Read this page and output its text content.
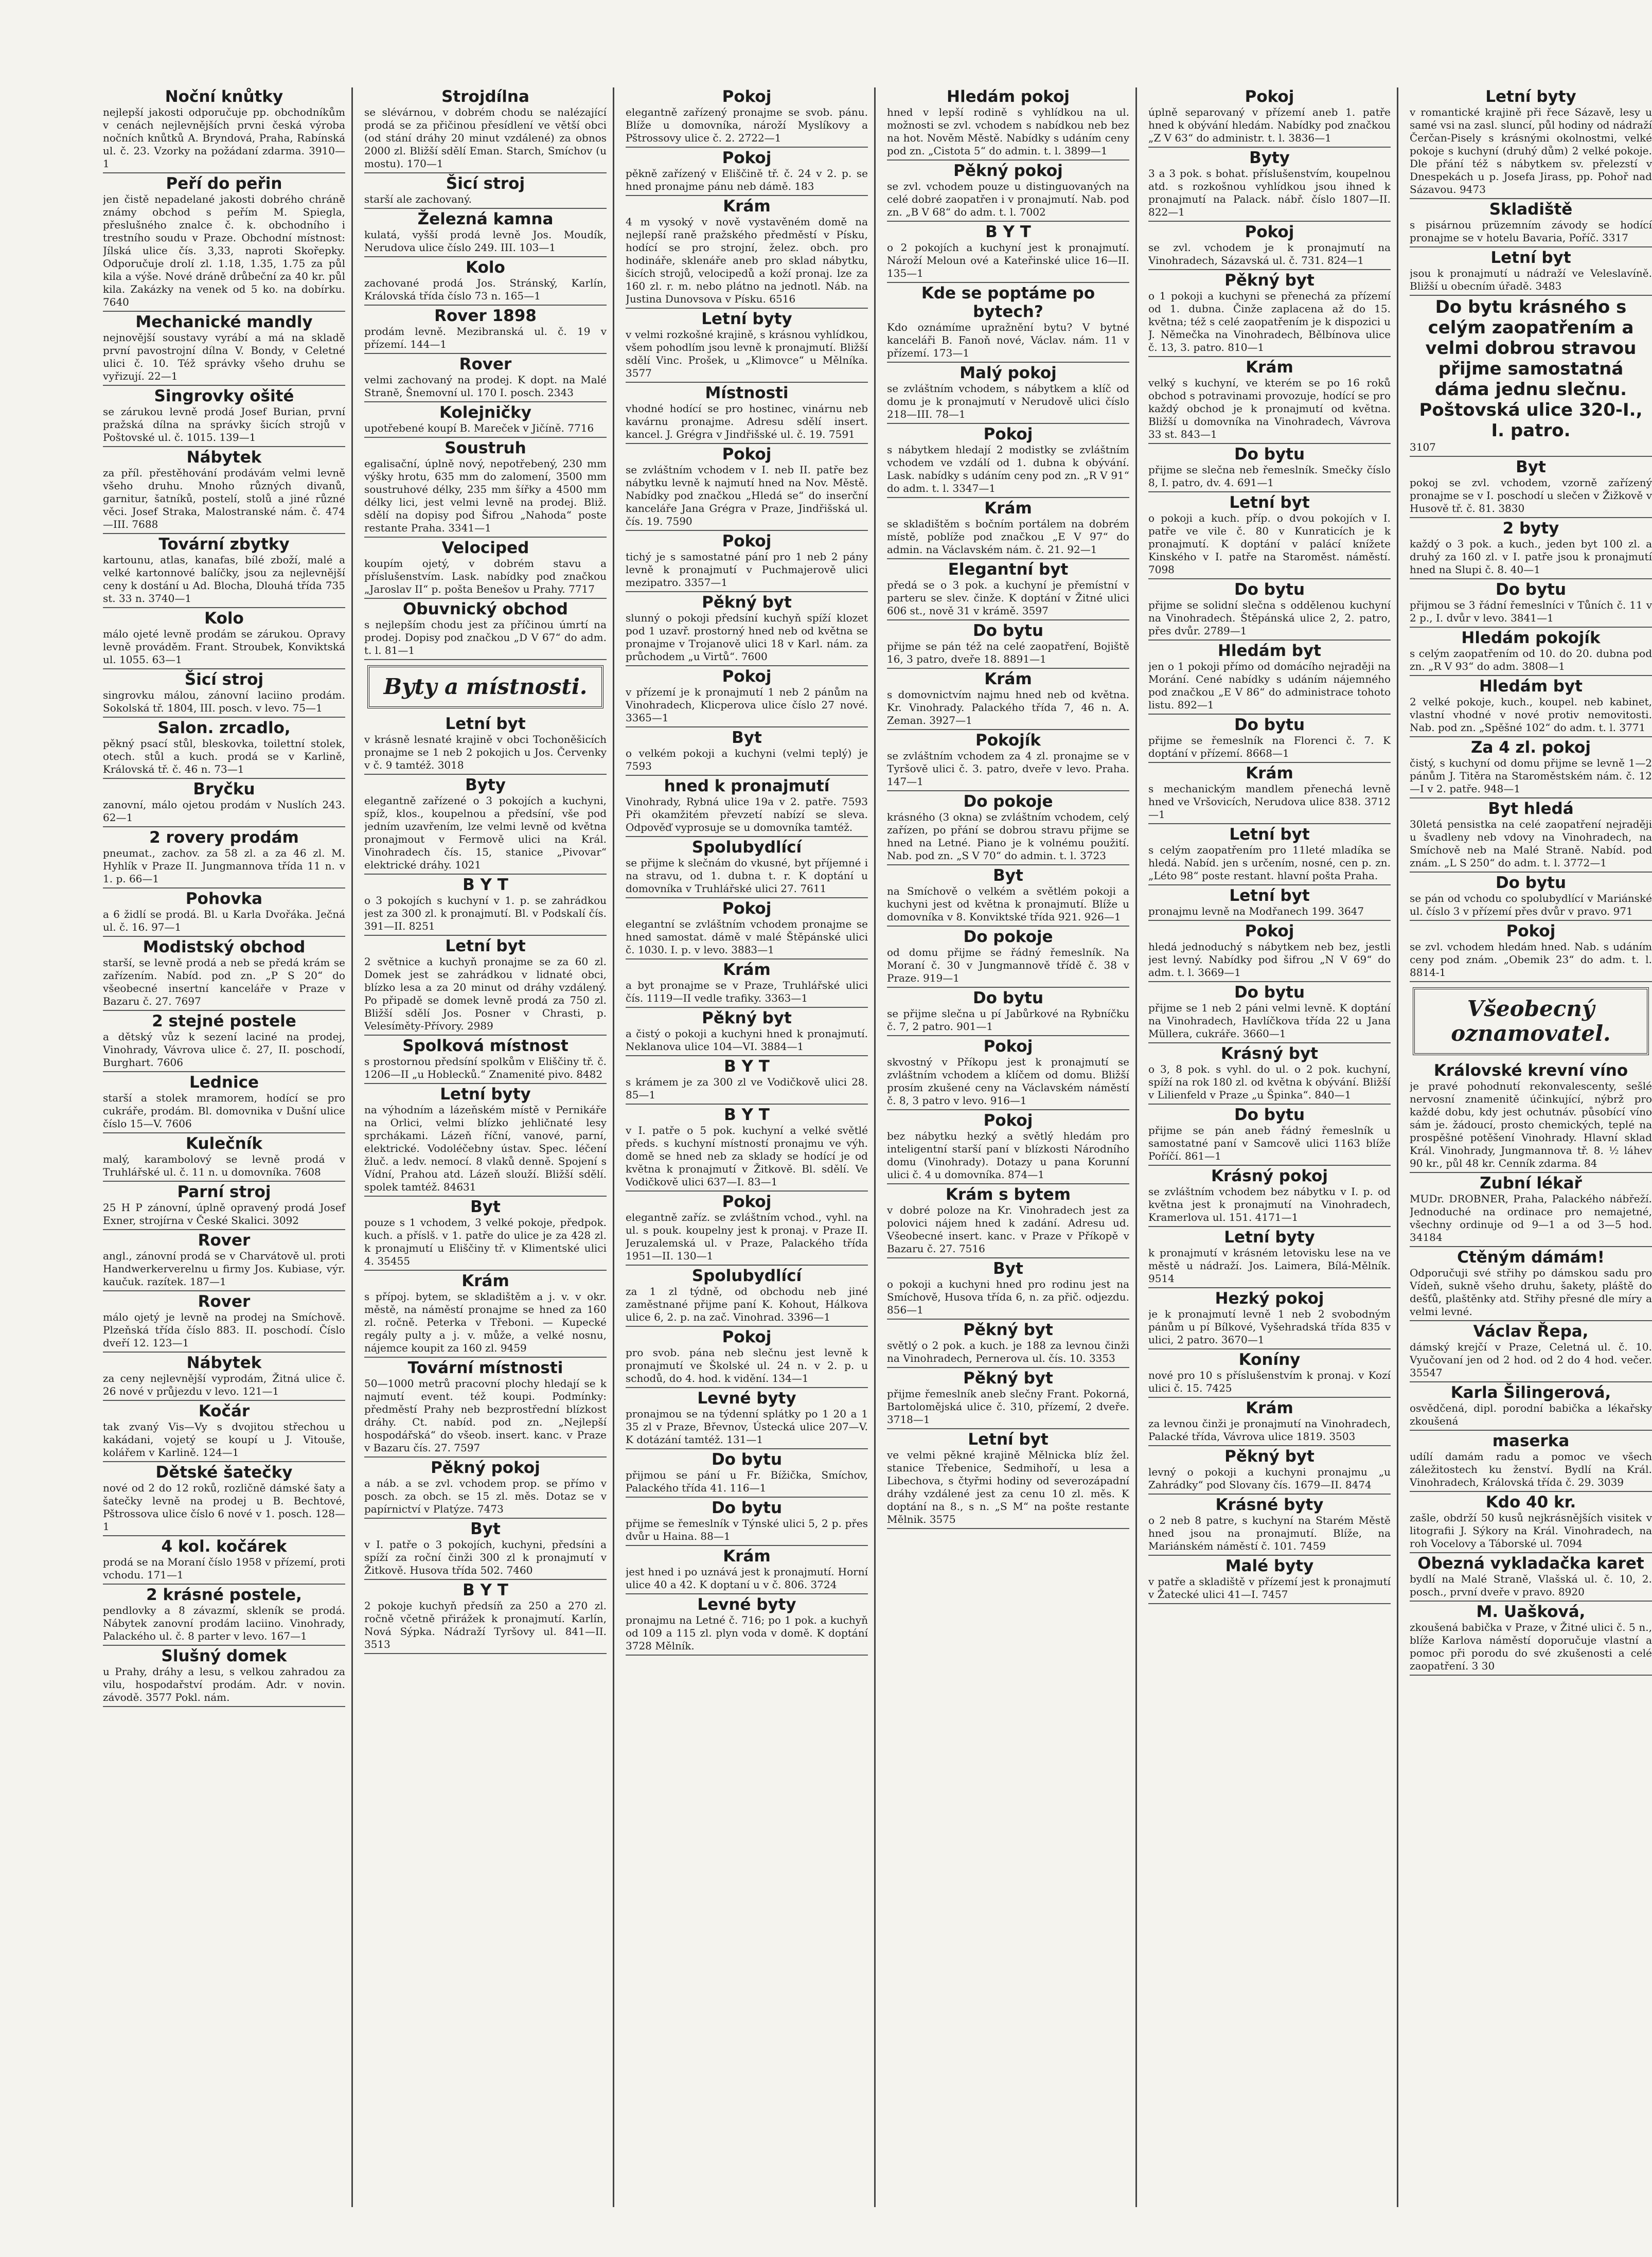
Noční knůtky

nejlepší jakosti odporučuje pp. obchodníkům v cenách nejlevnějších prvni česká výroba nočních knůtků A. Bryndová, Praha, Rabínská ul. č. 23. Vzorky na požádaní zdarma. 3910—1

Peří do peřin

jen čistě nepadelané jakosti dobrého chráně známy obchod s peřím M. Spiegla, přeslušného znalce č. k. obchodního i trestního soudu v Praze. Obchodní místnost: Jílská ulice čís. 3,33, naproti Skořepky. Odporučuje drolí zl. 1.18, 1.35, 1.75 za půl kila a výše. Nové dráně drůbeční za 40 kr. půl kila. Zakázky na venek od 5 ko. na dobírku. 7640

Mechanické mandly

nejnovější soustavy vyrábí a má na skladě první pavostrojní dílna V. Bondy, v Celetné ulici č. 10. Též správky všeho druhu se vyřizují. 22—1

Singrovky ošité

se zárukou levně prodá Josef Burian, první pražská dílna na správky šicích strojů v Poštovské ul. č. 1015. 139—1

Nábytek

za příl. přestěhování prodávám velmi levně všeho druhu. Mnoho různých divanů, garnitur, šatníků, postelí, stolů a jiné různé věci. Josef Straka, Malostranské nám. č. 474—III. 7688

Tovární zbytky

kartounu, atlas, kanafas, bílé zboží, malé a velké kartonnové balíčky, jsou za nejlevnější ceny k dostání u Ad. Blocha, Dlouhá třída 735 st. 33 n. 3740—1

Kolo

málo ojeté levně prodám se zárukou. Opravy levně prováděm. Frant. Stroubek, Konviktská ul. 1055. 63—1

Šicí stroj

singrovku málou, zánovní laciino prodám. Sokolská tř. 1804, III. posch. v levo. 75—1

Salon. zrcadlo,

pěkný psací stůl, bleskovka, toilettní stolek, otech. stůl a kuch. prodá se v Karlině, Královská tř. č. 46 n. 73—1

Bryčku

zanovní, málo ojetou prodám v Nuslích 243. 62—1

2 rovery prodám

pneumat., zachov. za 58 zl. a za 46 zl. M. Hyhlík v Praze II. Jungmannova třída 11 n. v 1. p. 66—1

Pohovka

a 6 židlí se prodá. Bl. u Karla Dvořáka. Ječná ul. č. 16. 97—1

Modistský obchod

starší, se levně prodá a neb se předá krám se zařízením. Nabíd. pod zn. „P S 20“ do všeobecné insertní kanceláře v Praze v Bazaru č. 27. 7697

2 stejné postele

a dětský vůz k sezení laciné na prodej, Vinohrady, Vávrova ulice č. 27, II. poschodí, Burghart. 7606

Lednice

starší a stolek mramorem, hodící se pro cukráře, prodám. Bl. domovnika v Dušní ulice číslo 15—V. 7606

Kulečník

malý, karambolový se levně prodá v Truhlářské ul. č. 11 n. u domovníka. 7608

Parní stroj

25 H P zánovní, úplně opravený prodá Josef Exner, strojírna v České Skalici. 3092

Rover

angl., zánovní prodá se v Charvátově ul. proti Handwerkerverelnu u firmy Jos. Kubiase, výr. kaučuk. razítek. 187—1

Rover

málo ojetý je levně na prodej na Smíchově. Plzeňská třída číslo 883. II. poschodí. Číslo dveří 12. 123—1

Nábytek

za ceny nejlevnější vyprodám, Žitná ulice č. 26 nové v průjezdu v levo. 121—1

Kočár

tak zvaný Vis—Vy s dvojitou střechou u kakádani, vojetý se koupí u J. Vitouše, kolářem v Karlině. 124—1

Dětské šatečky

nové od 2 do 12 roků, rozličně dámské šaty a šatečky levně na prodej u B. Bechtové, Pštrossova ulice číslo 6 nové v 1. posch. 128—1

4 kol. kočárek

prodá se na Moraní číslo 1958 v přízemí, proti vchodu. 171—1

2 krásné postele,

pendlovky a 8 závazmí, skleník se prodá. Nábytek zanovní prodám laciino. Vinohrady, Palackého ul. č. 8 parter v levo. 167—1

Slušný domek

u Prahy, dráhy a lesu, s velkou zahradou za vilu, hospodařství prodám. Adr. v novin. závodě. 3577 Pokl. nám.

Strojdílna

se slévárnou, v dobrém chodu se nalézající prodá se za přičinou přesídlení ve větší obci (od stání dráhy 20 minut vzdálené) za obnos 2000 zl. Bližší sdělí Eman. Starch, Smíchov (u mostu). 170—1

Šicí stroj

starší ale zachovaný.

Železná kamna

kulatá, vyšší prodá levně Jos. Moudík, Nerudova ulice číslo 249. III. 103—1

Kolo

zachované prodá Jos. Stránský, Karlín, Královská třída číslo 73 n. 165—1

Rover 1898

prodám levně. Mezibranská ul. č. 19 v přízemí. 144—1

Rover

velmi zachovaný na prodej. K dopt. na Malé Straně, Šnemovní ul. 170 I. posch. 2343

Kolejničky

upotřebené koupí B. Mareček v Jičíně. 7716

Soustruh

egalisační, úplně nový, nepotřebený, 230 mm výšky hrotu, 635 mm do zalomení, 3500 mm soustruhové délky, 235 mm šířky a 4500 mm délky lici, jest velmi levně na prodej. Bliž. sdělí na dopisy pod Šifrou „Nahoda“ poste restante Praha. 3341—1

Velociped

koupím ojetý, v dobrém stavu a příslušenstvím. Lask. nabídky pod značkou „Jaroslav II“ p. pošta Benešov u Prahy. 7717

Obuvnický obchod

s nejlepším chodu jest za příčinou úmrtí na prodej. Dopisy pod značkou „D V 67“ do adm. t. l. 81—1

Byty a místnosti.
Letní byt

v krásně lesnaté krajině v obci Tochoněšicích pronajme se 1 neb 2 pokojich u Jos. Červenky v č. 9 tamtéž. 3018

Byty

elegantně zařízené o 3 pokojích a kuchyni, spíž, klos., koupelnou a předsíní, vše pod jedním uzavřením, lze velmi levně od května pronajmout v Fermově ulici na Král. Vinohradech čís. 15, stanice „Pivovar“ elektrické dráhy. 1021

B Y T

o 3 pokojích s kuchyní v 1. p. se zahrádkou jest za 300 zl. k pronajmutí. Bl. v Podskalí čís. 391—II. 8251

Letní byt

2 světnice a kuchyň pronajme se za 60 zl. Domek jest se zahrádkou v lidnaté obci, blízko lesa a za 20 minut od dráhy vzdálený. Po připadě se domek levně prodá za 750 zl. Bližší sdělí Jos. Posner v Chrasti, p. Velesíměty-Přívory. 2989

Spolková místnost

s prostornou předsíní spolkům v Eliščiny tř. č. 1206—II „u Hoblecků.“ Znamenité pivo. 8482

Letní byty

na výhodním a lázeňském místě v Pernikáře na Orlici, velmi blízko jehličnaté lesy sprchákami. Lázeň říční, vanové, parní, elektrické. Vodoléčebny ústav. Spec. léčení žluč. a ledv. nemocí. 8 vlaků denně. Spojení s Vídní, Prahou atd. Lázeň slouží. Bližší sdělí. spolek tamtéž. 84631

Byt

pouze s 1 vchodem, 3 velké pokoje, předpok. kuch. a příslš. v 1. patře do ulice je za 428 zl. k pronajmutí u Eliščiny tř. v Klimentské ulici 4. 35455

Krám

s přípoj. bytem, se skladištěm a j. v. v okr. městě, na náměstí pronajme se hned za 160 zl. ročně. Peterka v Třeboni. — Kupecké regály pulty a j. v. může, a velké nosnu, nájemce koupit za 160 zl. 9459

Tovární místnosti

50—1000 metrů pracovní plochy hledají se k najmutí event. též koupi. Podmínky: předměstí Prahy neb bezprostřední blízkost dráhy. Ct. nabíd. pod zn. „Nejlepší hospodářská“ do všeob. insert. kanc. v Praze v Bazaru čís. 27. 7597

Pěkný pokoj

a náb. a se zvl. vchodem prop. se přímo v posch. za obch. se 15 zl. měs. Dotaz se v papírnictví v Platýze. 7473

Byt

v I. patře o 3 pokojích, kuchyni, předsíni a spíží za roční činži 300 zl k pronajmutí v Žitkově. Husova třída 502. 7460

B Y T

2 pokoje kuchyň předsíň za 250 a 270 zl. ročně včetně přirážek k pronajmutí. Karlín, Nová Sýpka. Nádraží Tyršovy ul. 841—II. 3513

Pokoj

elegantně zařízený pronajme se svob. pánu. Blíže u domovníka, nároží Myslíkovy a Pštrossovy ulice č. 2. 2722—1

Pokoj

pěkně zařízený v Eliščině tř. č. 24 v 2. p. se hned pronajme pánu neb dámě. 183

Krám

4 m vysoký v nově vystavěném domě na nejlepší raně pražského předměstí v Písku, hodící se pro strojní, želez. obch. pro hodináře, sklenáře aneb pro sklad nábytku, šicích strojů, velocipedů a koží pronaj. lze za 160 zl. r. m. nebo plátno na jednotl. Náb. na Justina Dunovsova v Písku. 6516

Letní byty

v velmi rozkošné krajině, s krásnou vyhlídkou, všem pohodlím jsou levně k pronajmutí. Bližší sdělí Vinc. Prošek, u „Klimovce“ u Mělníka. 3577

Místnosti

vhodné hodící se pro hostinec, vinárnu neb kavárnu pronajme. Adresu sdělí insert. kancel. J. Grégra v Jindřišské ul. č. 19. 7591

Pokoj

se zvláštním vchodem v I. neb II. patře bez nábytku levně k najmutí hned na Nov. Městě. Nabídky pod značkou „Hledá se“ do inserční kanceláře Jana Grégra v Praze, Jindřišská ul. čís. 19. 7590

Pokoj

tichý je s samostatné pání pro 1 neb 2 pány levně k pronajmutí v Puchmajerově ulici mezipatro. 3357—1

Pěkný byt

slunný o pokoji předsíní kuchyň spíží klozet pod 1 uzavř. prostorný hned neb od května se pronajme v Trojanově ulici 18 v Karl. nám. za průchodem „u Virtů“. 7600

Pokoj

v přízemí je k pronajmutí 1 neb 2 pánům na Vinohradech, Klicperova ulice číslo 27 nové. 3365—1

Byt

o velkém pokoji a kuchyni (velmi teplý) je 7593

hned k pronajmutí

Vinohrady, Rybná ulice 19a v 2. patře. 7593 Při okamžitém převzetí nabízí se sleva. Odpověď vyprosuje se u domovníka tamtéž.

Spolubydlící

se přijme k slečnám do vkusné, byt příjemné i na stravu, od 1. dubna t. r. K doptání u domovníka v Truhlářské ulici 27. 7611

Pokoj

elegantní se zvláštním vchodem pronajme se hned samostat. dámě v malé Štěpánské ulici č. 1030. I. p. v levo. 3883—1

Krám

a byt pronajme se v Praze, Truhlářské ulici čís. 1119—II vedle trafiky. 3363—1

Pěkný byt

a čistý o pokoji a kuchyni hned k pronajmutí. Neklanova ulice 104—VI. 3884—1

B Y T

s krámem je za 300 zl ve Vodičkově ulici 28. 85—1

B Y T

v I. patře o 5 pok. kuchyní a velké světlé předs. s kuchyní místností pronajmu ve výh. domě se hned neb za sklady se hodící je od května k pronajmutí v Žitkově. Bl. sdělí. Ve Vodičkově ulici 637—I. 83—1

Pokoj

elegantně zaříz. se zvláštním vchod., vyhl. na ul. s pouk. koupelny jest k pronaj. v Praze II. Jeruzalemská ul. v Praze, Palackého třída 1951—II. 130—1

Spolubydlící

za 1 zl týdně, od obchodu neb jiné zaměstnané přijme paní K. Kohout, Hálkova ulice 6, 2. p. na zač. Vinohrad. 3396—1

Pokoj

pro svob. pána neb slečnu jest levně k pronajmutí ve Školské ul. 24 n. v 2. p. u schodů, do 4. hod. k vidění. 134—1

Levné byty

pronajmou se na týdenní splátky po 1 20 a 1 35 zl v Praze, Břevnov, Ústecká ulice 207—V. K dotázání tamtéž. 131—1

Do bytu

přijmou se pání u Fr. Bížička, Smíchov, Palackého třída 41. 116—1

Do bytu

přijme se řemeslník v Týnské ulici 5, 2 p. přes dvůr u Haina. 88—1

Krám

jest hned i po uznává jest k pronajmutí. Horní ulice 40 a 42. K doptaní u v č. 806. 3724

Levné byty

pronajmu na Letné č. 716; po 1 pok. a kuchyň od 109 a 115 zl. plyn voda v domě. K doptání 3728 Mělník.

Hledám pokoj

hned v lepší rodině s vyhlídkou na ul. možnosti se zvl. vchodem s nabídkou neb bez na hot. Nověm Městě. Nabídky s udáním ceny pod zn. „Cistota 5“ do admin. t. l. 3899—1

Pěkný pokoj

se zvl. vchodem pouze u distinguovaných na celé dobré zaopatřen i v pronajmutí. Nab. pod zn. „B V 68“ do adm. t. l. 7002

B Y T

o 2 pokojích a kuchyní jest k pronajmutí. Nároží Meloun ové a Kateřinské ulice 16—II. 135—1

Kde se poptáme po bytech?

Kdo oznámíme upražnění bytu? V bytné kanceláři B. Fanoň nové, Václav. nám. 11 v přízemí. 173—1

Malý pokoj

se zvláštním vchodem, s nábytkem a klíč od domu je k pronajmutí v Nerudově ulici číslo 218—III. 78—1

Pokoj

s nábytkem hledají 2 modistky se zvláštním vchodem ve vzdálí od 1. dubna k obývání. Lask. nabídky s udáním ceny pod zn. „R V 91“ do adm. t. l. 3347—1

Krám

se skladištěm s bočním portálem na dobrém místě, poblíže pod značkou „E V 97“ do admin. na Václavském nám. č. 21. 92—1

Elegantní byt

předá se o 3 pok. a kuchyní je přemístní v parteru se slev. činže. K doptání v Žitné ulici 606 st., nově 31 v krámě. 3597

Do bytu

přijme se pán též na celé zaopatření, Bojiště 16, 3 patro, dveře 18. 8891—1

Krám

s domovnictvím najmu hned neb od května. Kr. Vinohrady. Palackého třída 7, 46 n. A. Zeman. 3927—1

Pokojík

se zvláštním vchodem za 4 zl. pronajme se v Tyršově ulici č. 3. patro, dveře v levo. Praha. 147—1

Do pokoje

krásného (3 okna) se zvláštním vchodem, celý zařízen, po přání se dobrou stravu přijme se hned na Letné. Piano je k volnému použití. Nab. pod zn. „S V 70“ do admin. t. l. 3723

Byt

na Smíchově o velkém a světlém pokoji a kuchyni jest od května k pronajmutí. Blíže u domovníka v 8. Konviktské třída 921. 926—1

Do pokoje

od domu přijme se řádný řemeslník. Na Moraní č. 30 v Jungmannově třídě č. 38 v Praze. 919—1

Do bytu

se přijme slečna u pí Jabůrkové na Rybníčku č. 7, 2 patro. 901—1

Pokoj

skvostný v Příkopu jest k pronajmutí se zvláštním vchodem a klíčem od domu. Bližší prosím zkušené ceny na Václavském náměstí č. 8, 3 patro v levo. 916—1

Pokoj

bez nábytku hezký a světlý hledám pro inteligentní starší paní v blízkosti Národního domu (Vinohrady). Dotazy u pana Korunní ulici č. 4 u domovníka. 874—1

Krám s bytem

v dobré poloze na Kr. Vinohradech jest za polovici nájem hned k zadání. Adresu ud. Všeobecné insert. kanc. v Praze v Příkopě v Bazaru č. 27. 7516

Byt

o pokoji a kuchyni hned pro rodinu jest na Smíchově, Husova třída 6, n. za přič. odjezdu. 856—1

Pěkný byt

světlý o 2 pok. a kuch. je 188 za levnou činži na Vinohradech, Pernerova ul. čís. 10. 3353

Pěkný byt

přijme řemeslník aneb slečny Frant. Pokorná, Bartolomějská ulice č. 310, přízemí, 2 dveře. 3718—1

Letní byt

ve velmi pěkné krajině Mělnicka blíz žel. stanice Třebenice, Sedmihoří, u lesa a Libechova, s čtyřmi hodiny od severozápadní dráhy vzdálené jest za cenu 10 zl. měs. K doptání na 8., s n. „S M“ na pošte restante Mělnik. 3575

Pokoj

úplně separovaný v přízemí aneb 1. patře hned k obývání hledám. Nabídky pod značkou „Z V 63“ do administr. t. l. 3836—1

Byty

3 a 3 pok. s bohat. příslušenstvím, koupelnou atd. s rozkošnou vyhlídkou jsou ihned k pronajmutí na Palack. nábř. číslo 1807—II. 822—1

Pokoj

se zvl. vchodem je k pronajmutí na Vinohradech, Sázavská ul. č. 731. 824—1

Pěkný byt

o 1 pokoji a kuchyni se přenechá za přízemí od 1. dubna. Činže zaplacena až do 15. května; též s celé zaopatřením je k dispozici u J. Němečka na Vinohradech, Bělbínova ulice č. 13, 3. patro. 810—1

Krám

velký s kuchyní, ve kterém se po 16 roků obchod s potravinami provozuje, hodící se pro každý obchod je k pronajmutí od května. Bližší u domovníka na Vinohradech, Vávrova 33 st. 843—1

Do bytu

přijme se slečna neb řemeslník. Smečky číslo 8, I. patro, dv. 4. 691—1

Letní byt

o pokoji a kuch. příp. o dvou pokojích v I. patře ve vile č. 80 v Kunraticích je k pronajmutí. K doptání v palácí knížete Kinského v I. patře na Staroměst. náměstí. 7098

Do bytu

přijme se solidní slečna s oddělenou kuchyní na Vinohradech. Štěpánská ulice 2, 2. patro, přes dvůr. 2789—1

Hledám byt

jen o 1 pokoji přímo od domácího nejraději na Morání. Cené nabídky s udáním nájemného pod značkou „E V 86“ do administrace tohoto listu. 892—1

Do bytu

přijme se řemeslník na Florenci č. 7. K doptání v přízemí. 8668—1

Krám

s mechanickým mandlem přenechá levně hned ve Vršovicích, Nerudova ulice 838. 3712—1

Letní byt

s celým zaopatřením pro 11leté mladíka se hledá. Nabíd. jen s určením, nosné, cen p. zn. „Léto 98“ poste restant. hlavní pošta Praha.

Letní byt

pronajmu levně na Modřanech 199. 3647

Pokoj

hledá jednoduchý s nábytkem neb bez, jestli jest levný. Nabídky pod šifrou „N V 69“ do adm. t. l. 3669—1

Do bytu

přijme se 1 neb 2 páni velmi levně. K doptání na Vinohradech, Havlíčkova třída 22 u Jana Müllera, cukráře. 3660—1

Krásný byt

o 3, 8 pok. s vyhl. do ul. o 2 pok. kuchyní, spíží na rok 180 zl. od května k obývání. Bližší v Lilienfeld v Praze „u Špinka“. 840—1

Do bytu

přijme se pán aneb řádný řemeslník u samostatné paní v Samcově ulici 1163 blíže Poříčí. 861—1

Krásný pokoj

se zvláštním vchodem bez nábytku v I. p. od května jest k pronajmutí na Vinohradech, Kramerlova ul. 151. 4171—1

Letní byty

k pronajmutí v krásném letovisku lese na ve městě u nádraží. Jos. Laimera, Bílá-Mělník. 9514

Hezký pokoj

je k pronajmutí levně 1 neb 2 svobodným pánům u pí Bílkové, Vyšehradská třída 835 v ulici, 2 patro. 3670—1

Koníny

nové pro 10 s příslušenstvím k pronaj. v Kozí ulici č. 15. 7425

Krám

za levnou činži je pronajmutí na Vinohradech, Palacké třída, Vávrova ulice 1819. 3503

Pěkný byt

levný o pokoji a kuchyni pronajmu „u Zahrádky“ pod Slovany čís. 1679—II. 8474

Krásné byty

o 2 neb 8 patre, s kuchyní na Starém Městě hned jsou na pronajmutí. Blíže, na Mariánském náměstí č. 101. 7459

Malé byty

v patře a skladiště v přízemí jest k pronajmutí v Žatecké ulici 41—I. 7457

Letní byty

v romantické krajině při řece Sázavě, lesy u samé vsi na zasl. sluncí, půl hodiny od nádraží Čerčan-Pisely s krásnými okolnostmi, velké pokoje s kuchyní (druhý dům) 2 velké pokoje. Dle přání též s nábytkem sv. přelezstí v Dnespekách u p. Josefa Jirass, pp. Pohoř nad Sázavou. 9473

Skladiště

s pisárnou prüzemním závody se hodící pronajme se v hotelu Bavaria, Poříč. 3317

Letní byt

jsou k pronajmutí u nádraží ve Veleslavíně. Bližší u obecním úřadě. 3483

Do bytu krásného s celým zaopatřením a velmi dobrou stravou přijme samostatná dáma jednu slečnu. Poštovská ulice 320-I., I. patro.

3107

Byt

pokoj se zvl. vchodem, vzorně zařízený pronajme se v I. poschodí u slečen v Žižkově v Husově tř. č. 81. 3830

2 byty

každý o 3 pok. a kuch., jeden byt 100 zl. a druhý za 160 zl. v I. patře jsou k pronajmutí hned na Slupi č. 8. 40—1

Do bytu

přijmou se 3 řádní řemeslníci v Tůních č. 11 v 2 p., I. dvůr v levo. 3841—1

Hledám pokojík

s celým zaopatřením od 10. do 20. dubna pod zn. „R V 93“ do adm. 3808—1

Hledám byt

2 velké pokoje, kuch., koupel. neb kabinet, vlastní vhodné v nové protiv nemovitosti. Nab. pod zn. „Spěšné 102“ do adm. t. l. 3771

Za 4 zl. pokoj

čistý, s kuchyní od domu přijme se levně 1—2 pánům J. Titěra na Staroměstském nám. č. 12—I v 2. patře. 948—1

Byt hledá

30letá pensistka na celé zaopatření nejraději u švadleny neb vdovy na Vinohradech, na Smíchově neb na Malé Straně. Nabíd. pod znám. „L S 250“ do adm. t. l. 3772—1

Do bytu

se pán od vchodu co spolubydlící v Mariánské ul. číslo 3 v přízemí přes dvůr v pravo. 971

Pokoj

se zvl. vchodem hledám hned. Nab. s udáním ceny pod znám. „Obemik 23“ do adm. t. l. 8814-1

Všeobecný oznamovatel.
Královské krevní víno

je pravé pohodnutí rekonvalescenty, sešlé nervosní znamenitě účinkující, nýbrž pro každé dobu, kdy jest ochutnáv. působící víno sám je. žádoucí, prosto chemických, teplé na prospěšné potěšení Vinohrady. Hlavní sklad Král. Vinohrady, Jungmannova tř. 8. ½ láhev 90 kr., půl 48 kr. Cenník zdarma. 84

Zubní lékař

MUDr. DROBNER, Praha, Palackého nábřeží. Jednoduché na ordinace pro nemajetné, všechny ordinuje od 9—1 a od 3—5 hod. 34184

Ctěným dámám!

Odporučuji své střihy po dámskou sadu pro Vídeň, sukně všeho druhu, šakety, pláště do dešťů, plaštěnky atd. Střihy přesné dle míry a velmi levné.

Václav Řepa,

dámský krejčí v Praze, Celetná ul. č. 10. Vyučovaní jen od 2 hod. od 2 do 4 hod. večer. 35547

Karla Šilingerová,

osvědčená, dipl. porodní babička a lékařsky zkoušená

maserka

udílí damám radu a pomoc ve všech záležitostech ku ženství. Bydlí na Král. Vinohradech, Královská třída č. 29. 3039

Kdo 40 kr.

zašle, obdrží 50 kusů nejkrásnějších visitek v litografii J. Sýkory na Král. Vinohradech, na roh Vocelovy a Táborské ul. 7094

Obezná vykladačka karet

bydlí na Malé Straně, Vlašská ul. č. 10, 2. posch., první dveře v pravo. 8920

M. Uašková,

zkoušená babička v Praze, v Žitné ulici č. 5 n., blíže Karlova náměstí doporučuje vlastní a pomoc při porodu do své zkušenosti a celé zaopatření. 3 30
